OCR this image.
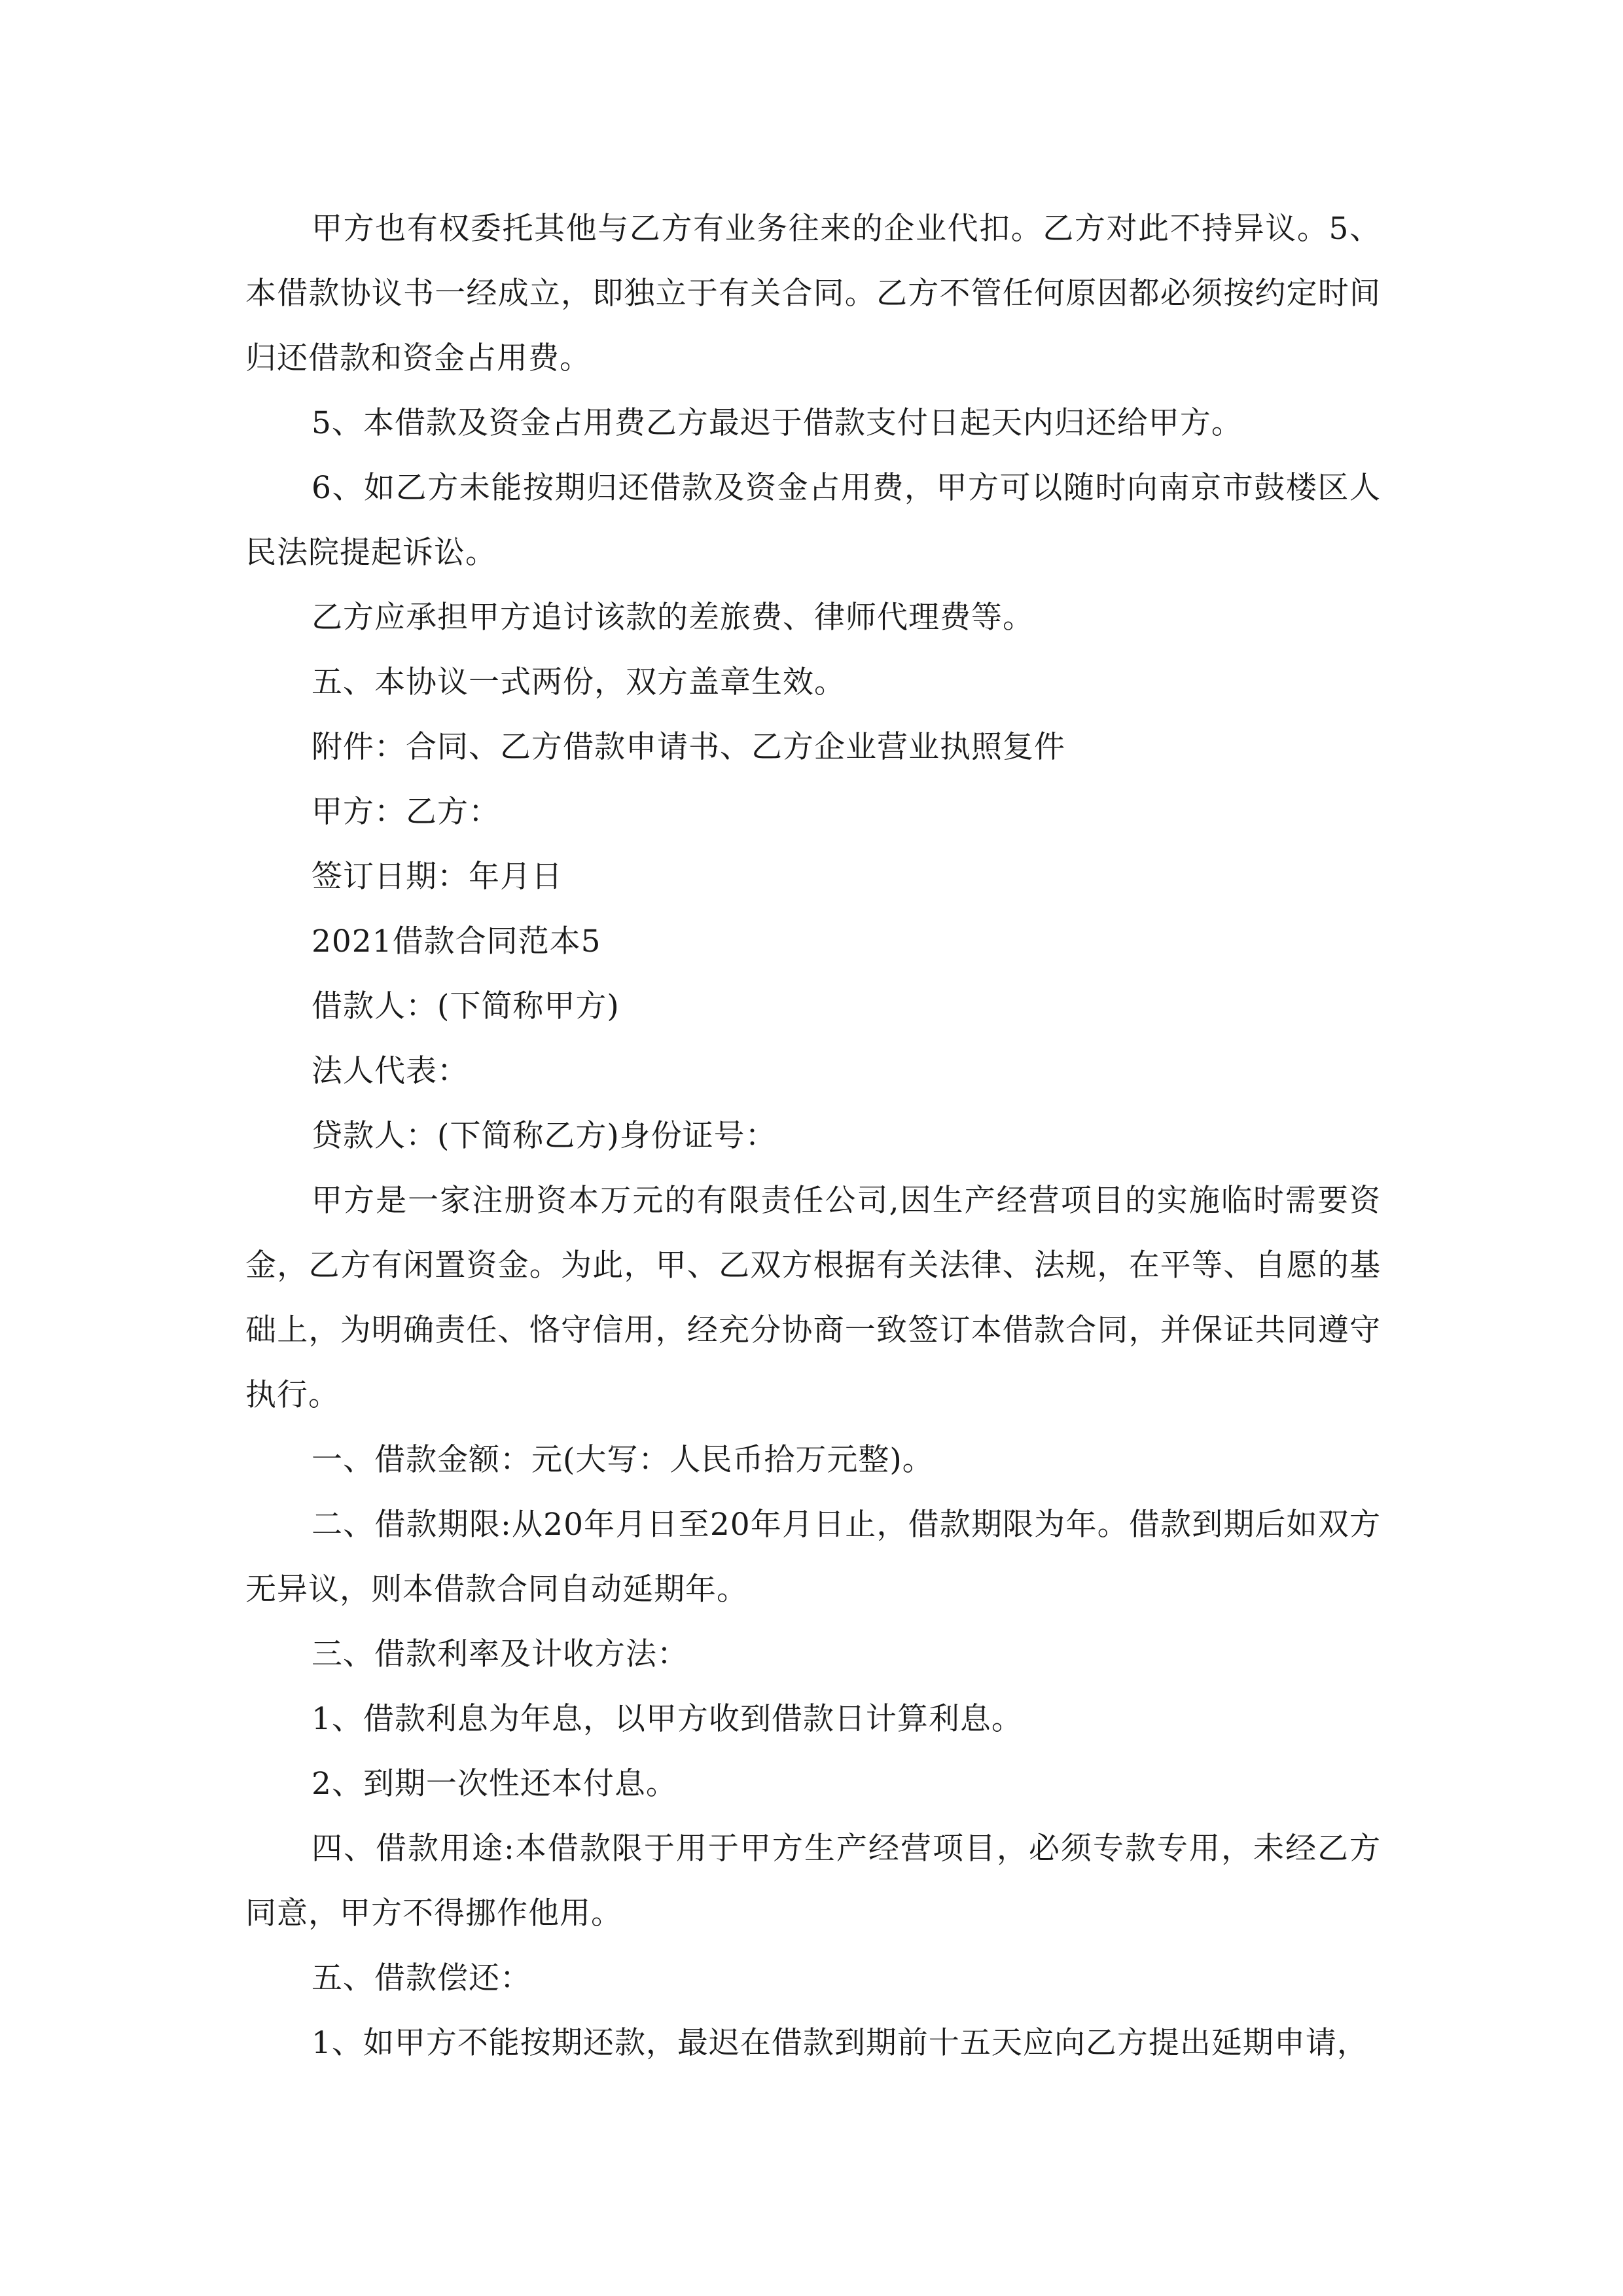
甲方也有权委托其他与乙方有业务往来的企业代扣。乙方对此不持异议。5、本借款协议书一经成立，即独立于有关合同。乙方不管任何原因都必须按约定时间归还借款和资金占用费。

5、本借款及资金占用费乙方最迟于借款支付日起天内归还给甲方。

6、如乙方未能按期归还借款及资金占用费，甲方可以随时向南京市鼓楼区人民法院提起诉讼。

乙方应承担甲方追讨该款的差旅费、律师代理费等。

五、本协议一式两份，双方盖章生效。

附件：合同、乙方借款申请书、乙方企业营业执照复件

甲方：乙方：

签订日期：年月日

2021借款合同范本5

借款人：(下简称甲方)

法人代表：

贷款人：(下简称乙方)身份证号：

甲方是一家注册资本万元的有限责任公司,因生产经营项目的实施临时需要资金，乙方有闲置资金。为此，甲、乙双方根据有关法律、法规，在平等、自愿的基础上，为明确责任、恪守信用，经充分协商一致签订本借款合同，并保证共同遵守执行。

一、借款金额：元(大写：人民币拾万元整)。

二、借款期限:从20年月日至20年月日止，借款期限为年。借款到期后如双方无异议，则本借款合同自动延期年。

三、借款利率及计收方法：

1、借款利息为年息，以甲方收到借款日计算利息。

2、到期一次性还本付息。

四、借款用途:本借款限于用于甲方生产经营项目，必须专款专用，未经乙方同意，甲方不得挪作他用。

五、借款偿还：

1、如甲方不能按期还款，最迟在借款到期前十五天应向乙方提出延期申请，
